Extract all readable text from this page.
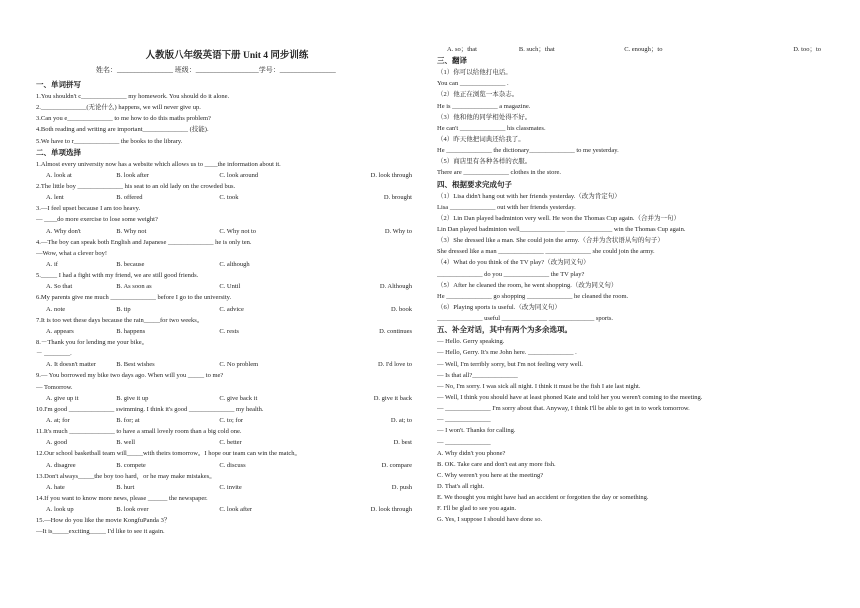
人教版八年级英语下册 Unit 4 同步训练
姓名：________________ 班级：__________________学号：________________
一、单词拼写
1.You shouldn't c______________ my homework. You should do it alone.
2.______________(无论什么) happens, we will never give up.
3.Can you e______________ to me how to do this maths problem?
4.Both reading and writing are important______________ (技能).
5.We have to r______________ the books to the library.
二、单项选择
1.Almost every university now has a website which allows us to ____the information about it.
A. look at	B. look after	C. look around	D. look through
2.The little boy ______________ his seat to an old lady on the crowded bus.
A. lent	B. offered	C. took	D. brought
3.—I feel upset because I am too heavy.
— ____do more exercise to lose some weight?
A. Why don't	B. Why not	C. Why not to	D. Why to
4.—The boy can speak both English and Japanese ______________ he is only ten.
—Wow, what a clever boy!
A. if	B. because	C. although
5._____ I had a fight with my friend, we are still good friends.
A. So that	B. As soon as	C. Until	D. Although
6.My parents give me much ______________ before I go to the university.
A. note	B. tip	C. advice	D. book
7.It is too wet these days because the rain_____for two weeks。
A. appears	B. happens	C. rests	D. continues
8.－Thank you for lending me your bike。
－ ________.
A. It doesn't matter	B. Best wishes	C. No problem	D. I'd love to
9.— You borrowed my bike two days ago. When will you _____ to me?
— Tomorrow.
A. give up it	B. give it up	C. give back it	D. give it back
10.I'm good ______________ swimming. I think it's good ______________ my health.
A. at; for	B. for; at	C. to; for	D. at; to
11.It's much ______________ to have a small lovely room than a big cold one.
A. good	B. well	C. better	D. best
12.Our school basketball team will_____with theirs tomorrow。I hope our team can win the match。
A. disagree	B. compete	C. discuss	D. compare
13.Don't always_____the boy too hard，or he may make mistakes。
A. hate	B. hurt	C. invite	D. push
14.If you want to know more news, please ______ the newspaper.
A. look up	B. look over	C. look after	D. look through
15.—How do you like the movie KongfuPanda 3？
—It is_____exciting_____ I'd like to see it again.
A. so；that	B. such；that	C. enough；to	D. too；to
三、翻译
（1）你可以给他打电话。
You can ______________ .
（2）他正在浏览一本杂志。
He is ______________ a magazine.
（3）他和他的同学相处得不好。
He can't ______________ his classmates.
（4）昨天他把词典还给我了。
He ______________ the dictionary______________ to me yesterday.
（5）商店里有各种各样的衣服。
There are ______________ clothes in the store.
四、根据要求完成句子
（1）Lisa didn't hang out with her friends yesterday.（改为肯定句）
Lisa ______________ out with her friends yesterday.
（2）Lin Dan played badminton very well. He won the Thomas Cup again.（合并为一句）
Lin Dan played badminton well______________ ______________ win the Thomas Cup again.
（3）She dressed like a man. She could join the army.（合并为含状语从句的句子）
She dressed like a man ______________ ______________ she could join the army.
（4）What do you think of the TV play?（改为同义句）
______________ do you ______________ the TV play?
（5）After he cleaned the room, he went shopping.（改为同义句）
He ______________ go shopping ______________ he cleaned the room.
（6）Playing sports is useful.（改为同义句）
______________ useful ______________ ______________ sports.
五、补全对话，其中有两个为多余选项。
— Hello. Gerry speaking.
— Hello, Gerry. It's me John here. ______________ .
— Well, I'm terribly sorry, but I'm not feeling very well.
— Is that all?______________
— No, I'm sorry. I was sick all night. I think it must be the fish I ate last night.
— Well, I think you should have at least phoned Kate and told her you weren't coming to the meeting.
— ______________ I'm sorry about that. Anyway, I think I'll be able to get in to work tomorrow.
— ______________
— I won't. Thanks for calling.
— ______________
A. Why didn't you phone?
B. OK. Take care and don't eat any more fish.
C. Why weren't you here at the meeting?
D. That's all right.
E. We thought you might have had an accident or forgotten the day or something.
F. I'll be glad to see you again.
G. Yes, I suppose I should have done so.
